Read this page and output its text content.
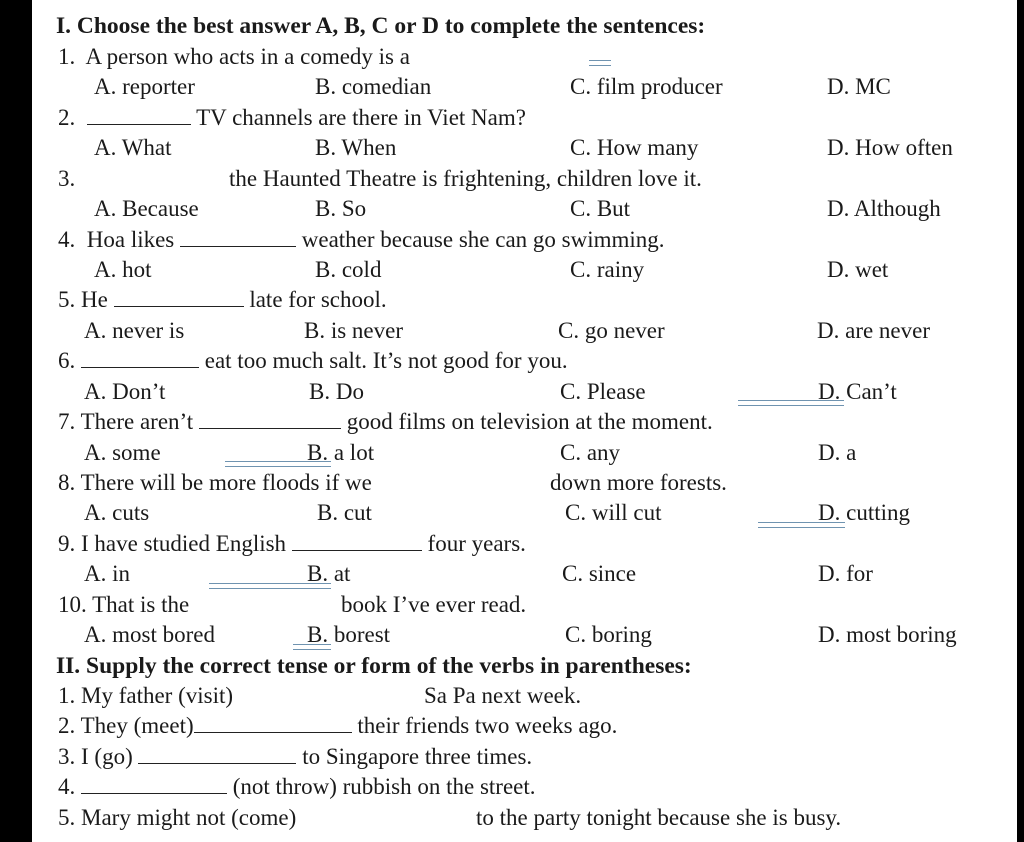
I. Choose the best answer A, B, C or D to complete the sentences:
1. A person who acts in a comedy is a
A. reporter	B. comedian	C. film producer	D. MC
2.	TV channels are there in Viet Nam?
A. What	B. When	C. How many	D. How often
3.	the Haunted Theatre is frightening, children love it.
A. Because	B. So	C. But	D. Although
4. Hoa likes	weather because she can go swimming.
A. hot	B. cold	C. rainy	D. wet
5. He	late for school.
A. never is	B. is never	C. go never	D. are never
6.	eat too much salt. It’s not good for you.
A. Don’t	B. Do	C. Please	D. Can’t
7. There aren’t	good films on television at the moment.
A. some	B. a lot	C. any	D. a
8. There will be more floods if we	down more forests.
A. cuts	B. cut	C. will cut	D. cutting
9. I have studied English	four years.
A. in	B. at	C. since	D. for
10. That is the	book I’ve ever read.
A. most bored	B. borest	C. boring	D. most boring
II. Supply the correct tense or form of the verbs in parentheses:
1. My father (visit)	Sa Pa next week.
2. They (meet)	their friends two weeks ago.
3. I (go)	to Singapore three times.
4.	(not throw) rubbish on the street.
5. Mary might not (come)	to the party tonight because she is busy.
